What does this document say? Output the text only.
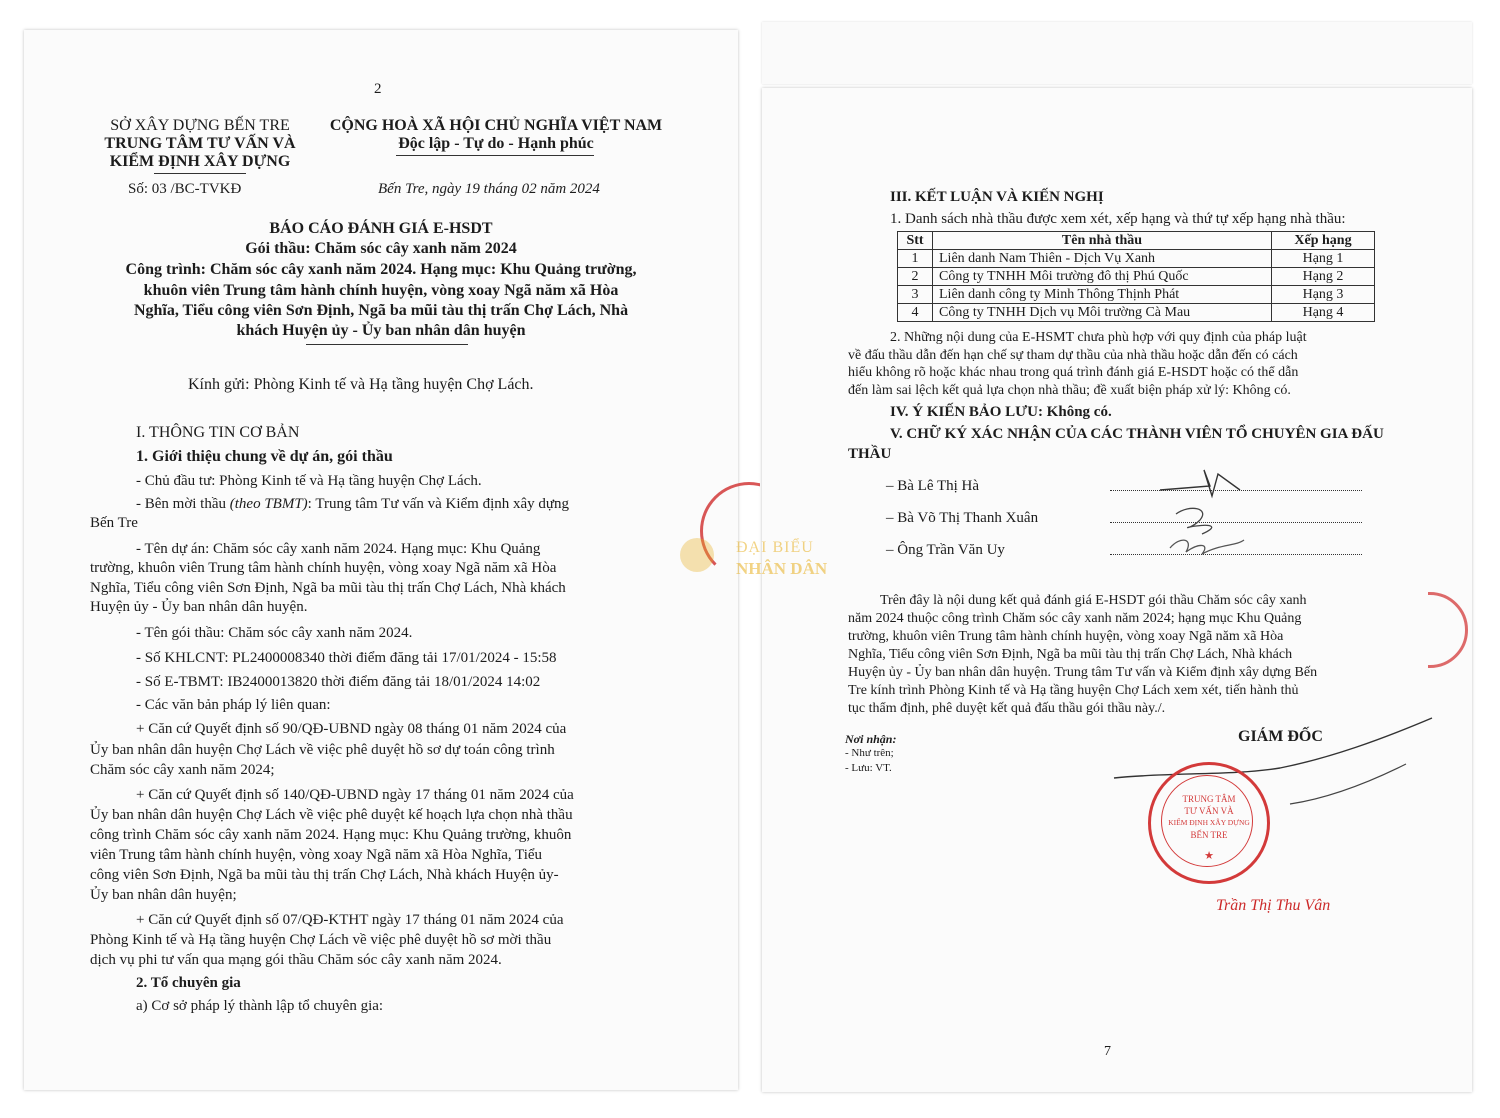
2
SỞ XÂY DỰNG BẾN TRE
TRUNG TÂM TƯ VẤN VÀ
KIỂM ĐỊNH XÂY DỰNG
CỘNG HOÀ XÃ HỘI CHỦ NGHĨA VIỆT NAM
Độc lập - Tự do - Hạnh phúc
Số: 03 /BC-TVKĐ	Bến Tre, ngày 19 tháng 02 năm 2024
BÁO CÁO ĐÁNH GIÁ E-HSDT
Gói thầu: Chăm sóc cây xanh năm 2024
Công trình: Chăm sóc cây xanh năm 2024. Hạng mục: Khu Quảng trường,
khuôn viên Trung tâm hành chính huyện, vòng xoay Ngã năm xã Hòa
Nghĩa, Tiểu công viên Sơn Định, Ngã ba mũi tàu thị trấn Chợ Lách, Nhà
khách Huyện ủy - Ủy ban nhân dân huyện
Kính gửi: Phòng Kinh tế và Hạ tầng huyện Chợ Lách.
I. THÔNG TIN CƠ BẢN
1. Giới thiệu chung về dự án, gói thầu
- Chủ đầu tư: Phòng Kinh tế và Hạ tầng huyện Chợ Lách.
- Bên mời thầu (theo TBMT): Trung tâm Tư vấn và Kiểm định xây dựng
Bến Tre
- Tên dự án: Chăm sóc cây xanh năm 2024. Hạng mục: Khu Quảng
trường, khuôn viên Trung tâm hành chính huyện, vòng xoay Ngã năm xã Hòa
Nghĩa, Tiểu công viên Sơn Định, Ngã ba mũi tàu thị trấn Chợ Lách, Nhà khách
Huyện ủy - Ủy ban nhân dân huyện.
- Tên gói thầu: Chăm sóc cây xanh năm 2024.
- Số KHLCNT: PL2400008340 thời điểm đăng tải 17/01/2024 - 15:58
- Số E-TBMT: IB2400013820 thời điểm đăng tải 18/01/2024 14:02
- Các văn bản pháp lý liên quan:
+ Căn cứ Quyết định số 90/QĐ-UBND ngày 08 tháng 01 năm 2024 của
Ủy ban nhân dân huyện Chợ Lách về việc phê duyệt hồ sơ dự toán công trình
Chăm sóc cây xanh năm 2024;
+ Căn cứ Quyết định số 140/QĐ-UBND ngày 17 tháng 01 năm 2024 của
Ủy ban nhân dân huyện Chợ Lách về việc phê duyệt kế hoạch lựa chọn nhà thầu
công trình Chăm sóc cây xanh năm 2024. Hạng mục: Khu Quảng trường, khuôn
viên Trung tâm hành chính huyện, vòng xoay Ngã năm xã Hòa Nghĩa, Tiểu
công viên Sơn Định, Ngã ba mũi tàu thị trấn Chợ Lách, Nhà khách Huyện ủy-
Ủy ban nhân dân huyện;
+ Căn cứ Quyết định số 07/QĐ-KTHT ngày 17 tháng 01 năm 2024 của
Phòng Kinh tế và Hạ tầng huyện Chợ Lách về việc phê duyệt hồ sơ mời thầu
dịch vụ phi tư vấn qua mạng gói thầu Chăm sóc cây xanh năm 2024.
2. Tổ chuyên gia
a) Cơ sở pháp lý thành lập tổ chuyên gia:
ĐẠI BIỂU
NHÂN DÂN
III. KẾT LUẬN VÀ KIẾN NGHỊ
1. Danh sách nhà thầu được xem xét, xếp hạng và thứ tự xếp hạng nhà thầu:
Stt	Tên nhà thầu	Xếp hạng
1	Liên danh Nam Thiên - Dịch Vụ Xanh	Hạng 1
2	Công ty TNHH Môi trường đô thị Phú Quốc	Hạng 2
3	Liên danh công ty Minh Thông Thịnh Phát	Hạng 3
4	Công ty TNHH Dịch vụ Môi trường Cà Mau	Hạng 4
2. Những nội dung của E-HSMT chưa phù hợp với quy định của pháp luật
về đấu thầu dẫn đến hạn chế sự tham dự thầu của nhà thầu hoặc dẫn đến có cách
hiểu không rõ hoặc khác nhau trong quá trình đánh giá E-HSDT hoặc có thể dẫn
đến làm sai lệch kết quả lựa chọn nhà thầu; đề xuất biện pháp xử lý: Không có.
IV. Ý KIẾN BẢO LƯU: Không có.
V. CHỮ KÝ XÁC NHẬN CỦA CÁC THÀNH VIÊN TỔ CHUYÊN GIA ĐẤU
THẦU
– Bà Lê Thị Hà
– Bà Võ Thị Thanh Xuân
– Ông Trần Văn Uy
Trên đây là nội dung kết quả đánh giá E-HSDT gói thầu Chăm sóc cây xanh
năm 2024 thuộc công trình Chăm sóc cây xanh năm 2024; hạng mục Khu Quảng
trường, khuôn viên Trung tâm hành chính huyện, vòng xoay Ngã năm xã Hòa
Nghĩa, Tiểu công viên Sơn Định, Ngã ba mũi tàu thị trấn Chợ Lách, Nhà khách
Huyện ủy - Ủy ban nhân dân huyện. Trung tâm Tư vấn và Kiểm định xây dựng Bến
Tre kính trình Phòng Kinh tế và Hạ tầng huyện Chợ Lách xem xét, tiến hành thủ
tục thẩm định, phê duyệt kết quả đấu thầu gói thầu này./.
Nơi nhận:
- Như trên;
- Lưu: VT.
GIÁM ĐỐC
TRUNG TÂM
TƯ VẤN VÀ
KIỂM ĐỊNH XÂY DỰNG
BẾN TRE
★
Trần Thị Thu Vân
7
